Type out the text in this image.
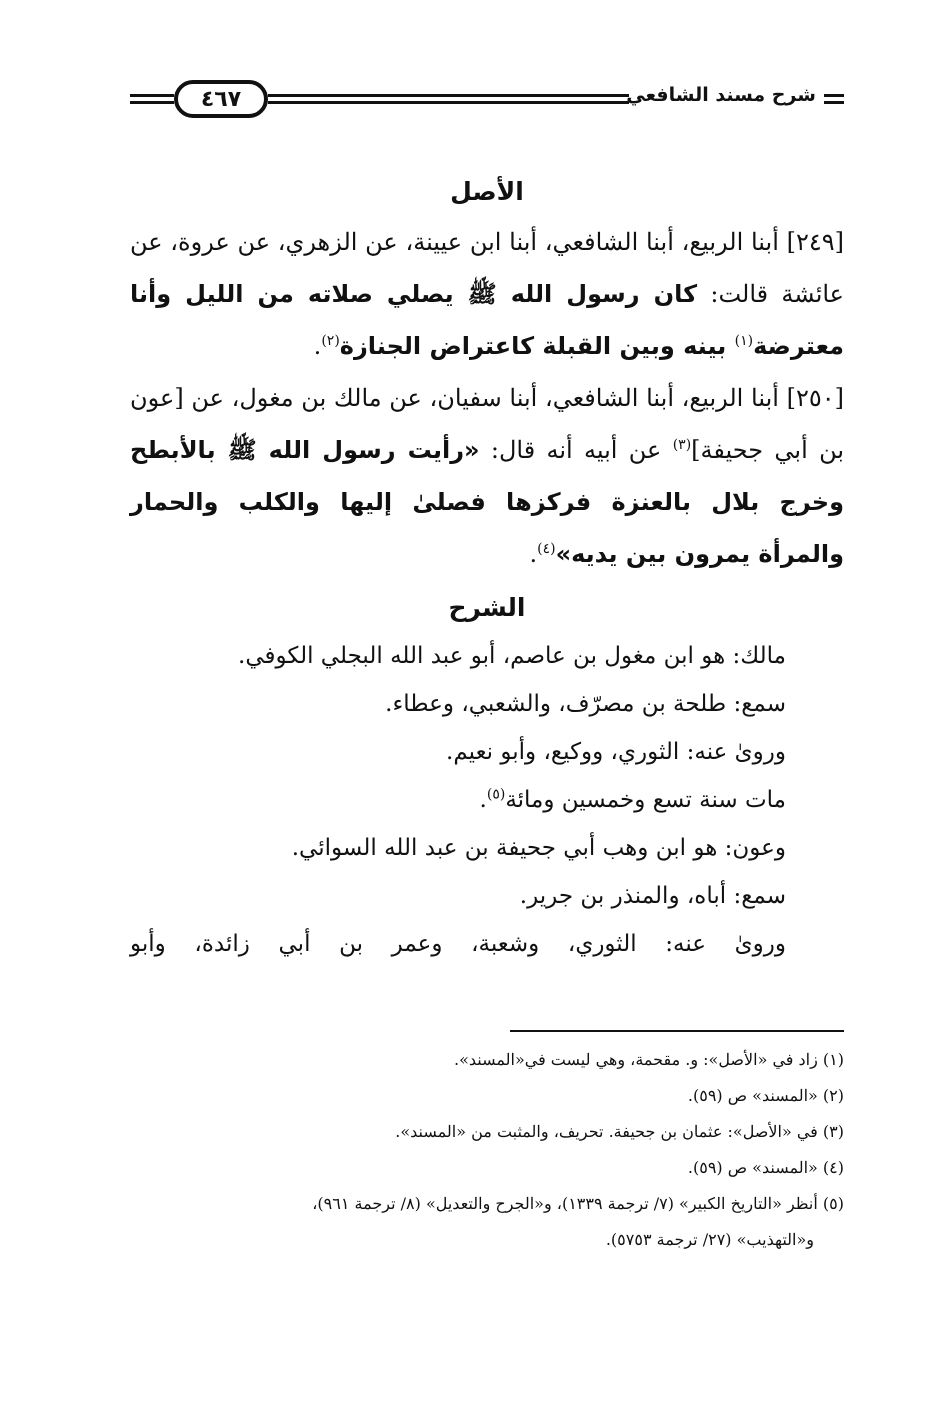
شرح مسند الشافعي
٤٦٧

الأصل

[٢٤٩] أبنا الربيع، أبنا الشافعي، أبنا ابن عيينة، عن الزهري، عن عروة، عن عائشة قالت: كان رسول الله ﷺ يصلي صلاته من الليل وأنا معترضة$^{(١)}$ بينه وبين القبلة كاعتراض الجنازة$^{(٢)}$.

[٢٥٠] أبنا الربيع، أبنا الشافعي، أبنا سفيان، عن مالك بن مغول، عن [عون بن أبي جحيفة]$^{(٣)}$ عن أبيه أنه قال: «رأيت رسول الله ﷺ بالأبطح وخرج بلال بالعنزة فركزها فصلىٰ إليها والكلب والحمار والمرأة يمرون بين يديه»$^{(٤)}$.

الشرح

مالك: هو ابن مغول بن عاصم، أبو عبد الله البجلي الكوفي.

سمع: طلحة بن مصرّف، والشعبي، وعطاء.

وروىٰ عنه: الثوري، ووكيع، وأبو نعيم.

مات سنة تسع وخمسين ومائة$^{(٥)}$.

وعون: هو ابن وهب أبي جحيفة بن عبد الله السوائي.

سمع: أباه، والمنذر بن جرير.

وروىٰ عنه: الثوري، وشعبة، وعمر بن أبي زائدة، وأبو

(١) زاد في «الأصل»: و. مقحمة، وهي ليست في«المسند».

(٢) «المسند» ص (٥٩).

(٣) في «الأصل»: عثمان بن جحيفة. تحريف، والمثبت من «المسند».

(٤) «المسند» ص (٥٩).

(٥) أنظر «التاريخ الكبير» (٧/ ترجمة ١٣٣٩)، و«الجرح والتعديل» (٨/ ترجمة ٩٦١)،

و«التهذيب» (٢٧/ ترجمة ٥٧٥٣).
